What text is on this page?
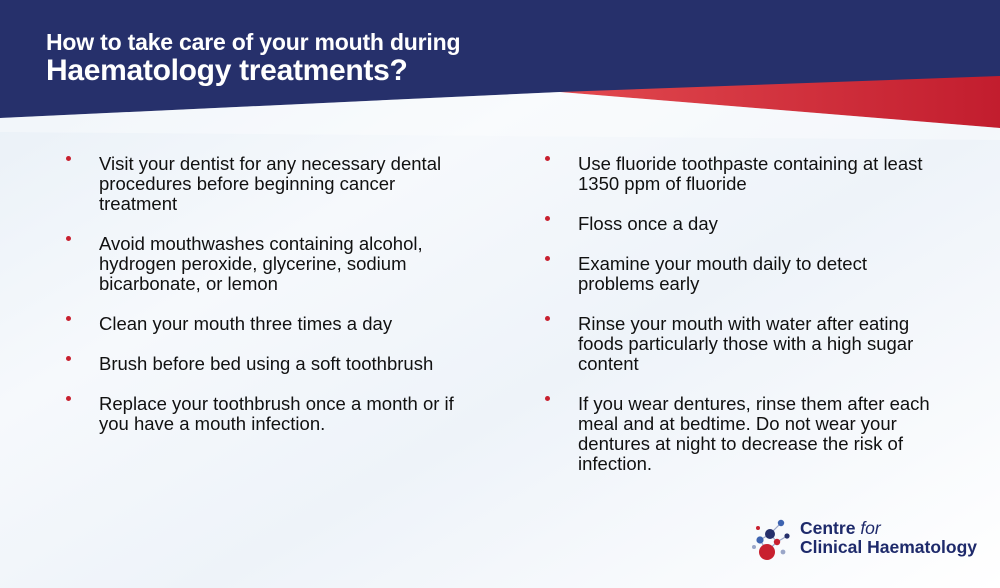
How to take care of your mouth during
Haematology treatments?
Visit your dentist for any necessary dental procedures before beginning cancer treatment
Avoid mouthwashes containing alcohol, hydrogen peroxide, glycerine, sodium bicarbonate, or lemon
Clean your mouth three times a day
Brush before bed using a soft toothbrush
Replace your toothbrush once a month or if you have a mouth infection.
Use fluoride toothpaste containing at least 1350 ppm of fluoride
Floss once a day
Examine your mouth daily to detect problems early
Rinse your mouth with water after eating foods particularly those with a high sugar content
If you wear dentures, rinse them after each meal and at bedtime. Do not wear your dentures at night to decrease the risk of infection.
Centre for
Clinical Haematology
